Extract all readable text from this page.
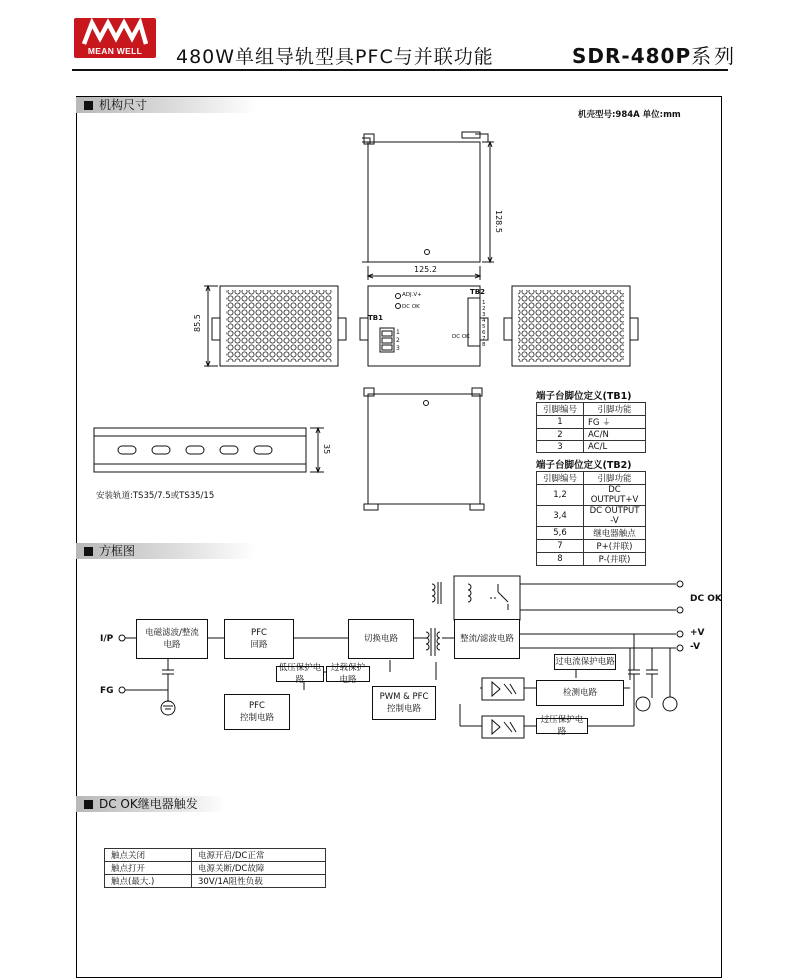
MEAN WELL	480W单组导轨型具PFC与并联功能	SDR-480P系列
机构尺寸
机壳型号:984A 单位:mm
128.5
125.2
85.5
35
TB1
TB2
ADJ.V+
DC OK
DC OK
1
2
3
1
2
3
4
5
6
7
8
安装轨道:TS35/7.5或TS35/15
端子台脚位定义(TB1)
引脚编号	引脚功能
1	FG ⏚
2	AC/N
3	AC/L
端子台脚位定义(TB2)
引脚编号	引脚功能
1,2	DC OUTPUT+V
3,4	DC OUTPUT -V
5,6	继电器触点
7	P+(并联)
8	P-(并联)
方框图
电磁滤波/整流电路
PFC
回路
切换电路	整流/滤波电路
低压保护电路
过载保护电路
PFC
控制电路
PWM & PFC
控制电路
过电流保护电路
检测电路
过压保护电路
I/P
FG
DC OK
+V
-V
DC OK继电器触发
触点关闭	电源开启/DC正常
触点打开	电源关断/DC故障
触点(最大.)	30V/1A阻性负载
